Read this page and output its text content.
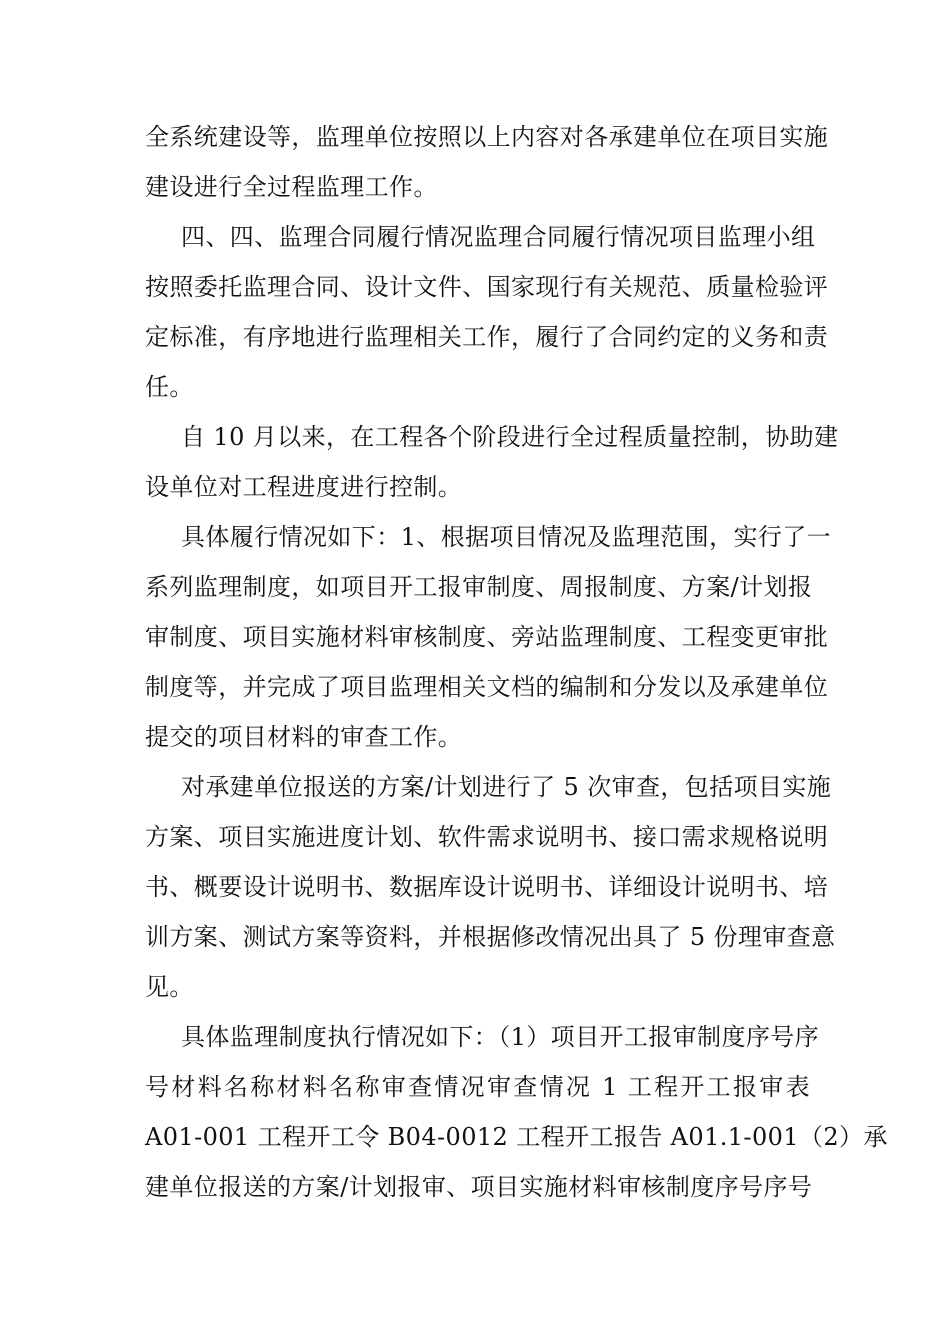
全系统建设等，监理单位按照以上内容对各承建单位在项目实施
建设进行全过程监理工作。
四、四、监理合同履行情况监理合同履行情况项目监理小组
按照委托监理合同、设计文件、国家现行有关规范、质量检验评
定标准，有序地进行监理相关工作，履行了合同约定的义务和责
任。
自 10 月以来，在工程各个阶段进行全过程质量控制，协助建
设单位对工程进度进行控制。
具体履行情况如下：1、根据项目情况及监理范围，实行了一
系列监理制度，如项目开工报审制度、周报制度、方案/计划报
审制度、项目实施材料审核制度、旁站监理制度、工程变更审批
制度等，并完成了项目监理相关文档的编制和分发以及承建单位
提交的项目材料的审查工作。
对承建单位报送的方案/计划进行了 5 次审查，包括项目实施
方案、项目实施进度计划、软件需求说明书、接口需求规格说明
书、概要设计说明书、数据库设计说明书、详细设计说明书、培
训方案、测试方案等资料，并根据修改情况出具了 5 份理审查意
见。
具体监理制度执行情况如下：（1）项目开工报审制度序号序
号材料名称材料名称审查情况审查情况 1 工程开工报审表
A01-001 工程开工令 B04-0012 工程开工报告 A01.1-001（2）承
建单位报送的方案/计划报审、项目实施材料审核制度序号序号
